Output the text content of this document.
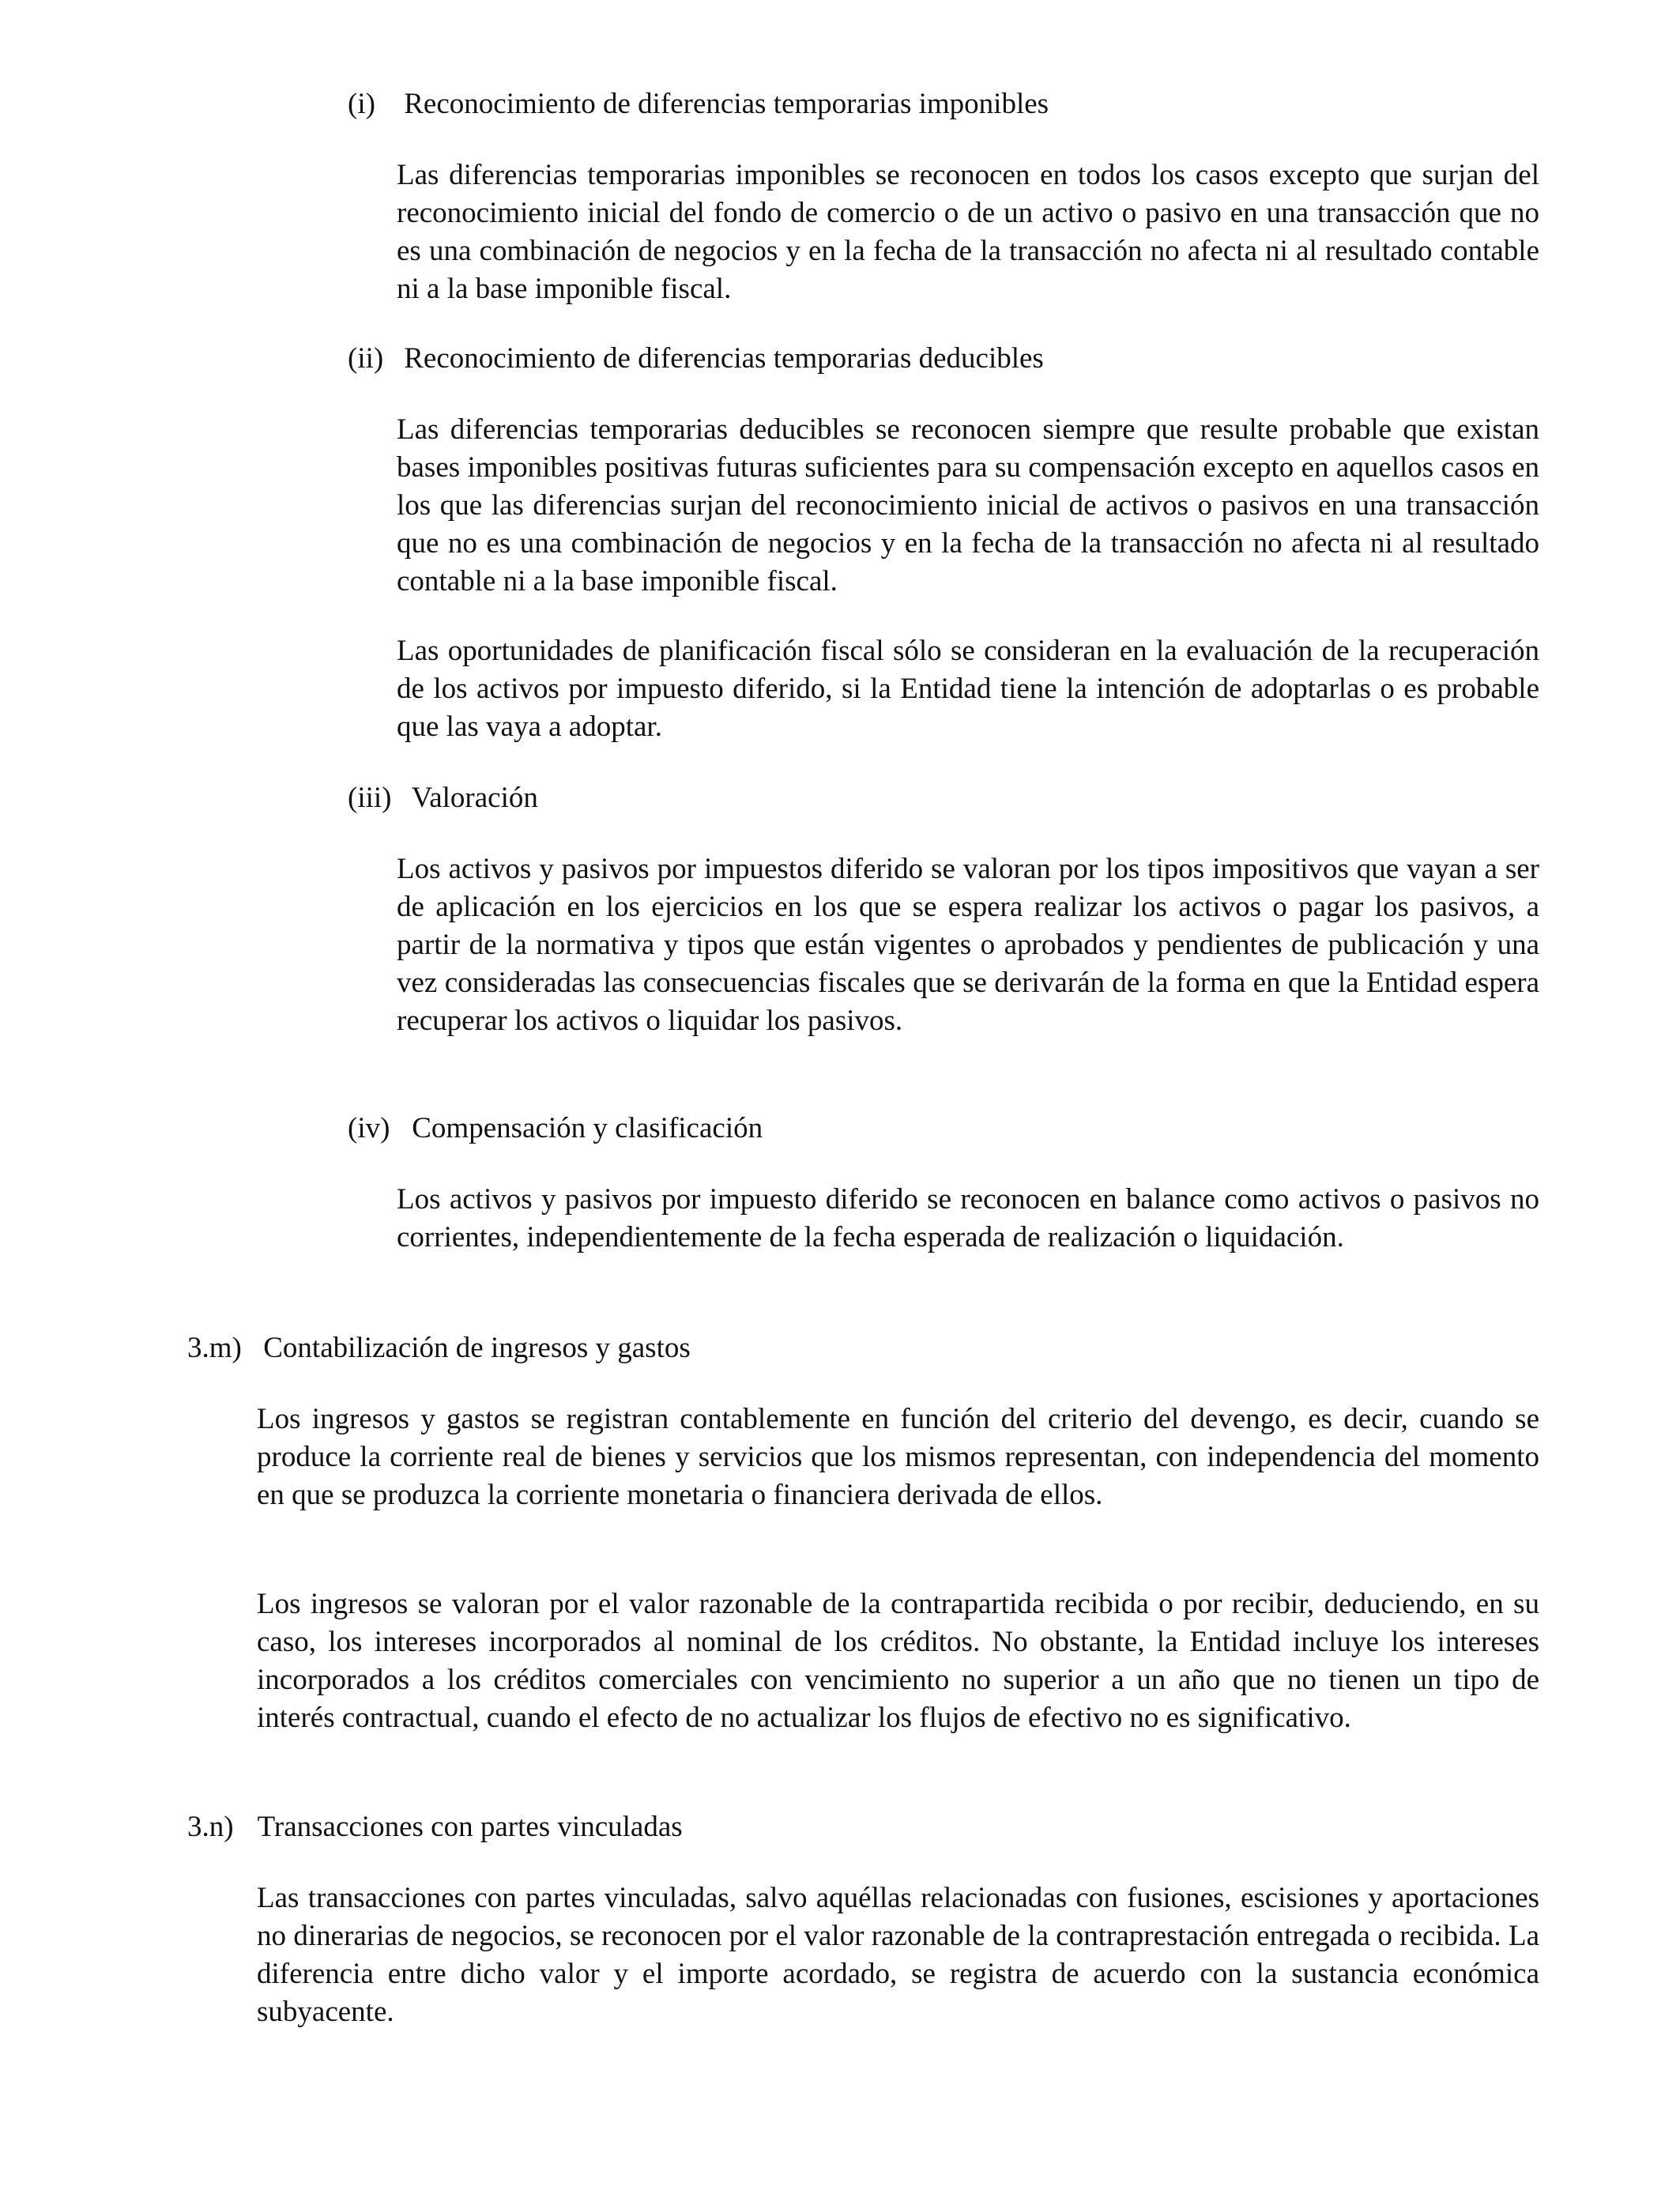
(i) Reconocimiento de diferencias temporarias imponibles
Las diferencias temporarias imponibles se reconocen en todos los casos excepto que surjan del reconocimiento inicial del fondo de comercio o de un activo o pasivo en una transacción que no es una combinación de negocios y en la fecha de la transacción no afecta ni al resultado contable ni a la base imponible fiscal.
(ii) Reconocimiento de diferencias temporarias deducibles
Las diferencias temporarias deducibles se reconocen siempre que resulte probable que existan bases imponibles positivas futuras suficientes para su compensación excepto en aquellos casos en los que las diferencias surjan del reconocimiento inicial de activos o pasivos en una transacción que no es una combinación de negocios y en la fecha de la transacción no afecta ni al resultado contable ni a la base imponible fiscal.
Las oportunidades de planificación fiscal sólo se consideran en la evaluación de la recuperación de los activos por impuesto diferido, si la Entidad tiene la intención de adoptarlas o es probable que las vaya a adoptar.
(iii) Valoración
Los activos y pasivos por impuestos diferido se valoran por los tipos impositivos que vayan a ser de aplicación en los ejercicios en los que se espera realizar los activos o pagar los pasivos, a partir de la normativa y tipos que están vigentes o aprobados y pendientes de publicación y una vez consideradas las consecuencias fiscales que se derivarán de la forma en que la Entidad espera recuperar los activos o liquidar los pasivos.
(iv) Compensación y clasificación
Los activos y pasivos por impuesto diferido se reconocen en balance como activos o pasivos no corrientes, independientemente de la fecha esperada de realización o liquidación.
3.m) Contabilización de ingresos y gastos
Los ingresos y gastos se registran contablemente en función del criterio del devengo, es decir, cuando se produce la corriente real de bienes y servicios que los mismos representan, con independencia del momento en que se produzca la corriente monetaria o financiera derivada de ellos.
Los ingresos se valoran por el valor razonable de la contrapartida recibida o por recibir, deduciendo, en su caso, los intereses incorporados al nominal de los créditos. No obstante, la Entidad incluye los intereses incorporados a los créditos comerciales con vencimiento no superior a un año que no tienen un tipo de interés contractual, cuando el efecto de no actualizar los flujos de efectivo no es significativo.
3.n) Transacciones con partes vinculadas
Las transacciones con partes vinculadas, salvo aquéllas relacionadas con fusiones, escisiones y aportaciones no dinerarias de negocios, se reconocen por el valor razonable de la contraprestación entregada o recibida. La diferencia entre dicho valor y el importe acordado, se registra de acuerdo con la sustancia económica subyacente.
